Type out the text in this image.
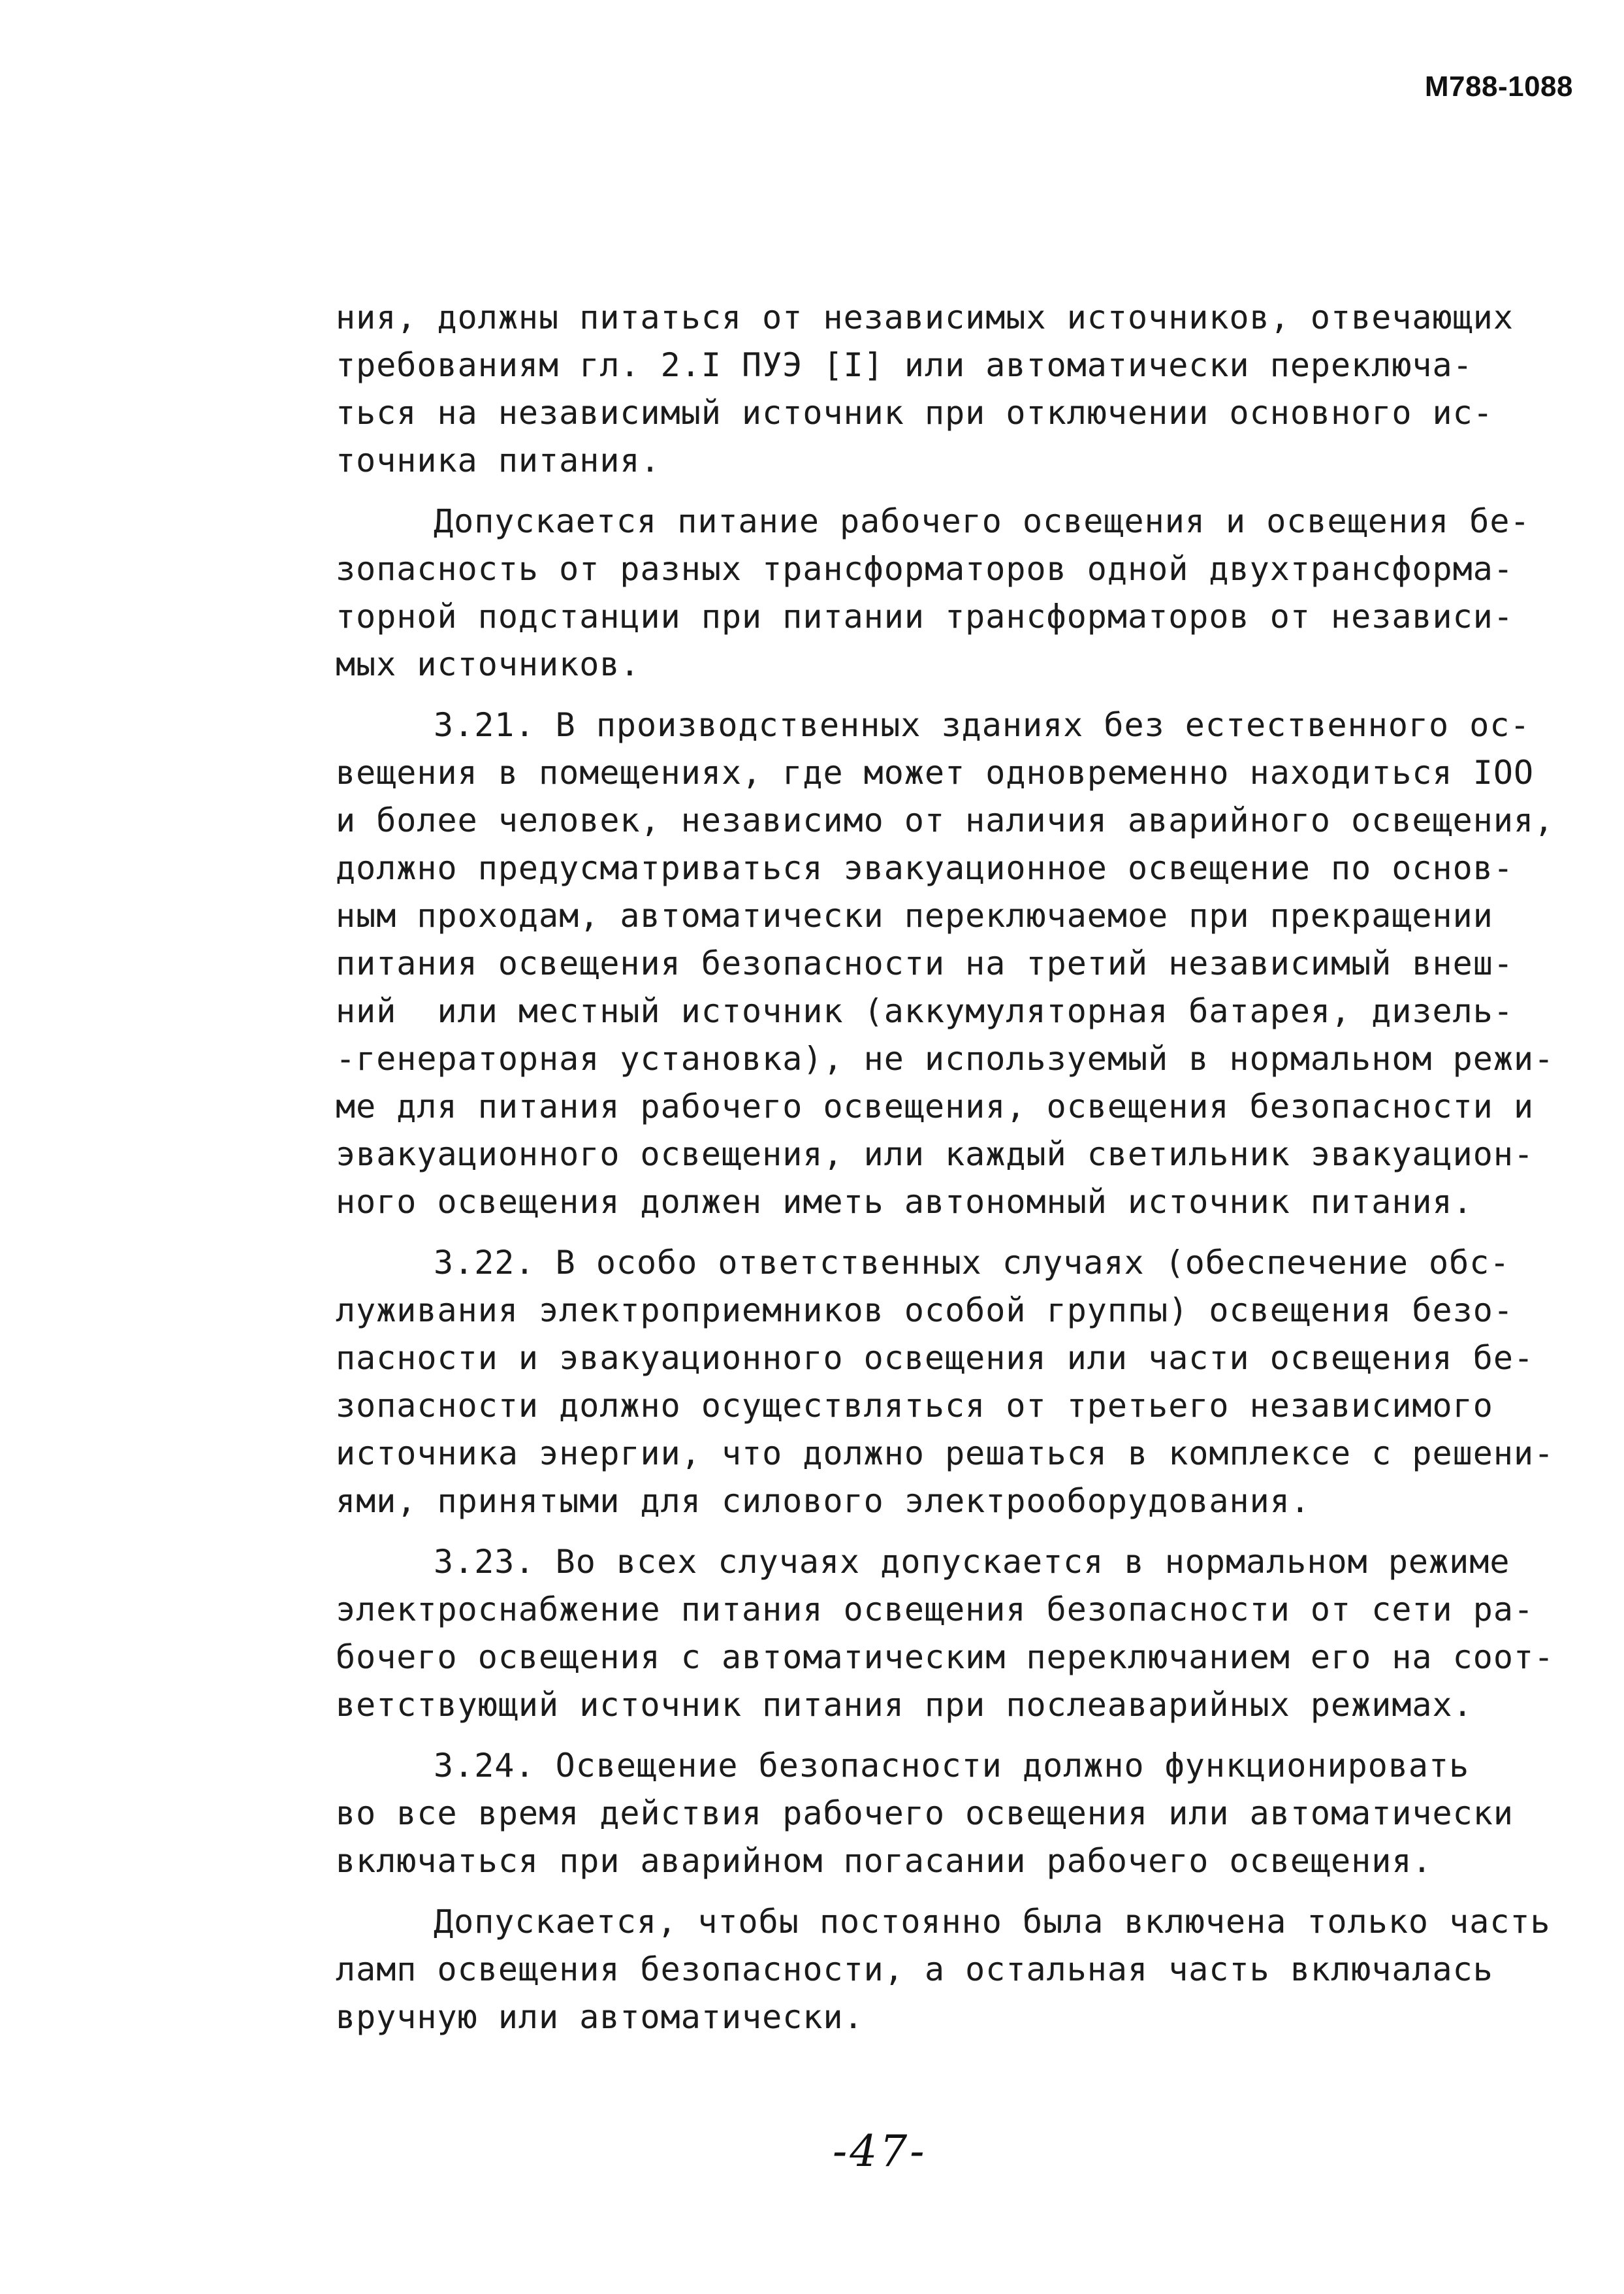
М788-1088
ния, должны питаться от независимых источников, отвечающих
требованиям гл. 2.I ПУЭ [I] или автоматически переключа-
ться на независимый источник при отключении основного ис-
точника питания.
Допускается питание рабочего освещения и освещения бе-
зопасность от разных трансформаторов одной двухтрансформа-
торной подстанции при питании трансформаторов от независи-
мых источников.
3.21. В производственных зданиях без естественного ос-
вещения в помещениях, где может одновременно находиться IOO
и более человек, независимо от наличия аварийного освещения,
должно предусматриваться эвакуационное освещение по основ-
ным проходам, автоматически переключаемое при прекращении
питания освещения безопасности на третий независимый внеш-
ний  или местный источник (аккумуляторная батарея, дизель-
-генераторная установка), не используемый в нормальном режи-
ме для питания рабочего освещения, освещения безопасности и
эвакуационного освещения, или каждый светильник эвакуацион-
ного освещения должен иметь автономный источник питания.
3.22. В особо ответственных случаях (обеспечение обс-
луживания электроприемников особой группы) освещения безо-
пасности и эвакуационного освещения или части освещения бе-
зопасности должно осуществляться от третьего независимого
источника энергии, что должно решаться в комплексе с решени-
ями, принятыми для силового электрооборудования.
3.23. Во всех случаях допускается в нормальном режиме
электроснабжение питания освещения безопасности от сети ра-
бочего освещения с автоматическим переключанием его на соот-
ветствующий источник питания при послеаварийных режимах.
3.24. Освещение безопасности должно функционировать
во все время действия рабочего освещения или автоматически
включаться при аварийном погасании рабочего освещения.
Допускается, чтобы постоянно была включена только часть
ламп освещения безопасности, а остальная часть включалась
вручную или автоматически.
-47-
